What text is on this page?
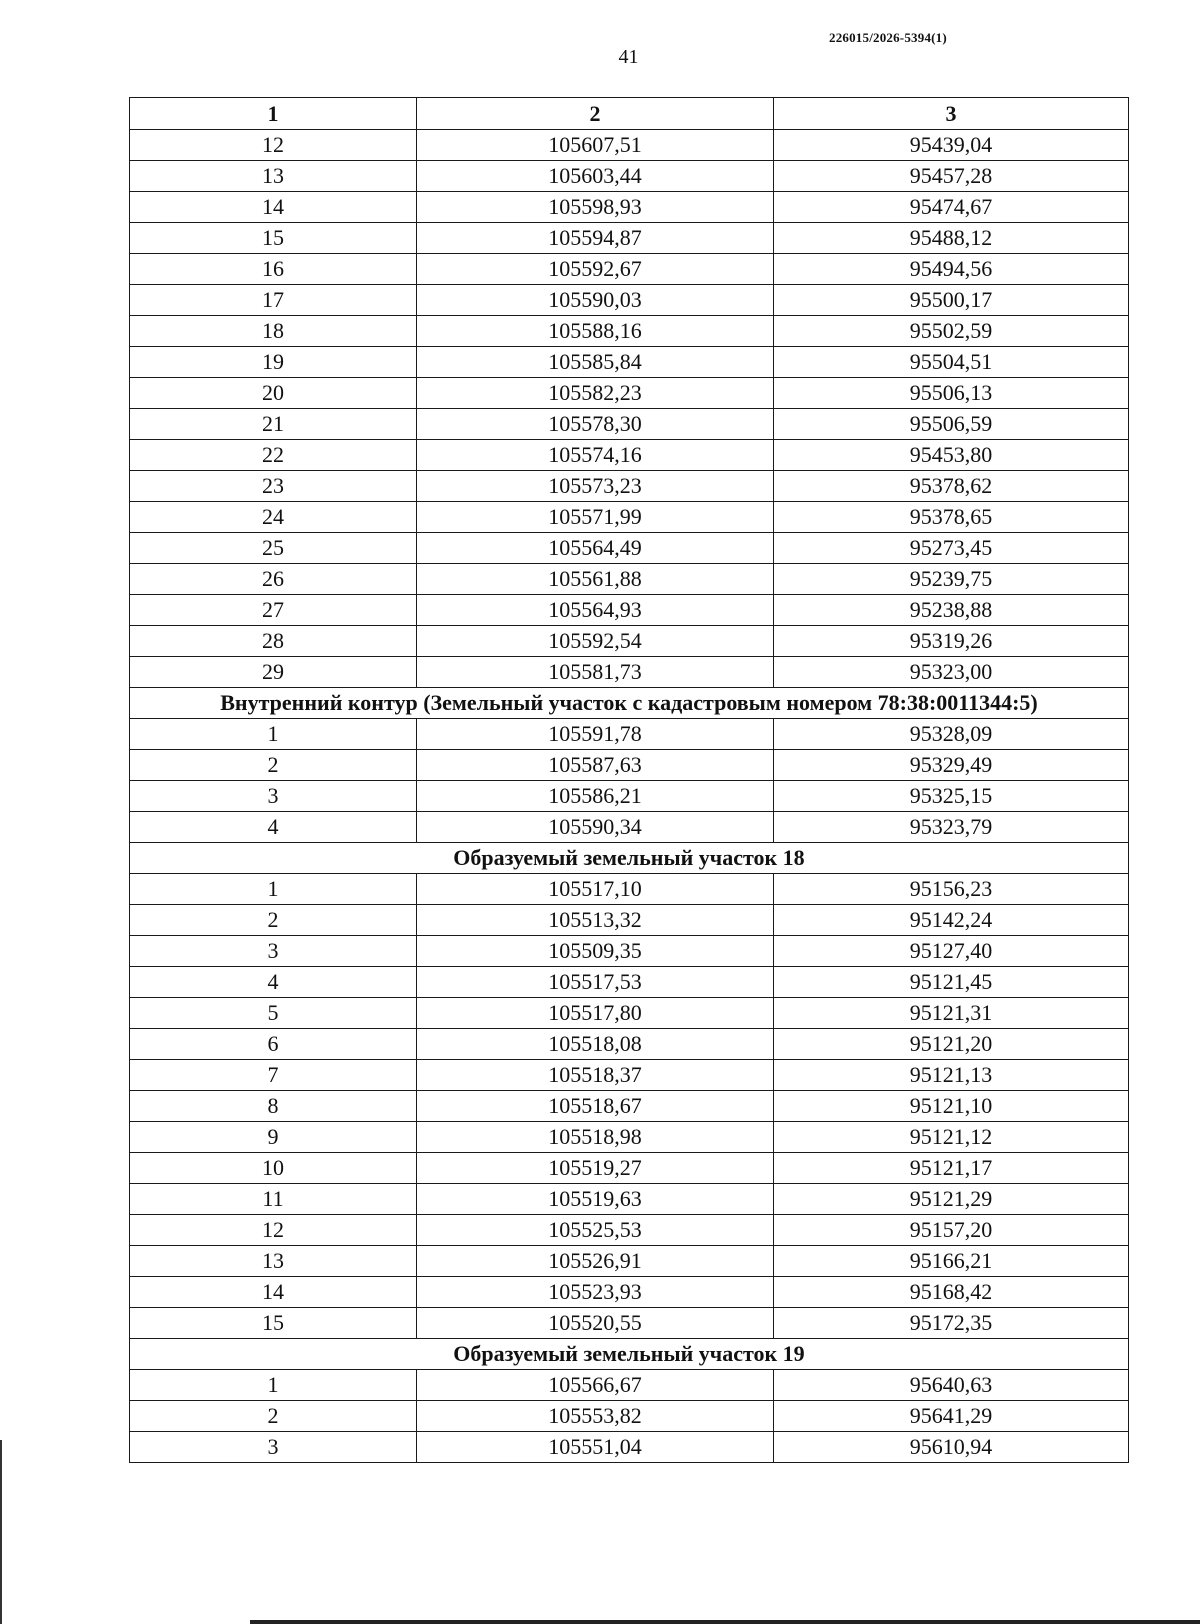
226015/2026-5394(1)
41
1	2	3
12	105607,51	95439,04
13	105603,44	95457,28
14	105598,93	95474,67
15	105594,87	95488,12
16	105592,67	95494,56
17	105590,03	95500,17
18	105588,16	95502,59
19	105585,84	95504,51
20	105582,23	95506,13
21	105578,30	95506,59
22	105574,16	95453,80
23	105573,23	95378,62
24	105571,99	95378,65
25	105564,49	95273,45
26	105561,88	95239,75
27	105564,93	95238,88
28	105592,54	95319,26
29	105581,73	95323,00
Внутренний контур (Земельный участок с кадастровым номером 78:38:0011344:5)		
1	105591,78	95328,09
2	105587,63	95329,49
3	105586,21	95325,15
4	105590,34	95323,79
Образуемый земельный участок 18		
1	105517,10	95156,23
2	105513,32	95142,24
3	105509,35	95127,40
4	105517,53	95121,45
5	105517,80	95121,31
6	105518,08	95121,20
7	105518,37	95121,13
8	105518,67	95121,10
9	105518,98	95121,12
10	105519,27	95121,17
11	105519,63	95121,29
12	105525,53	95157,20
13	105526,91	95166,21
14	105523,93	95168,42
15	105520,55	95172,35
Образуемый земельный участок 19		
1	105566,67	95640,63
2	105553,82	95641,29
3	105551,04	95610,94
